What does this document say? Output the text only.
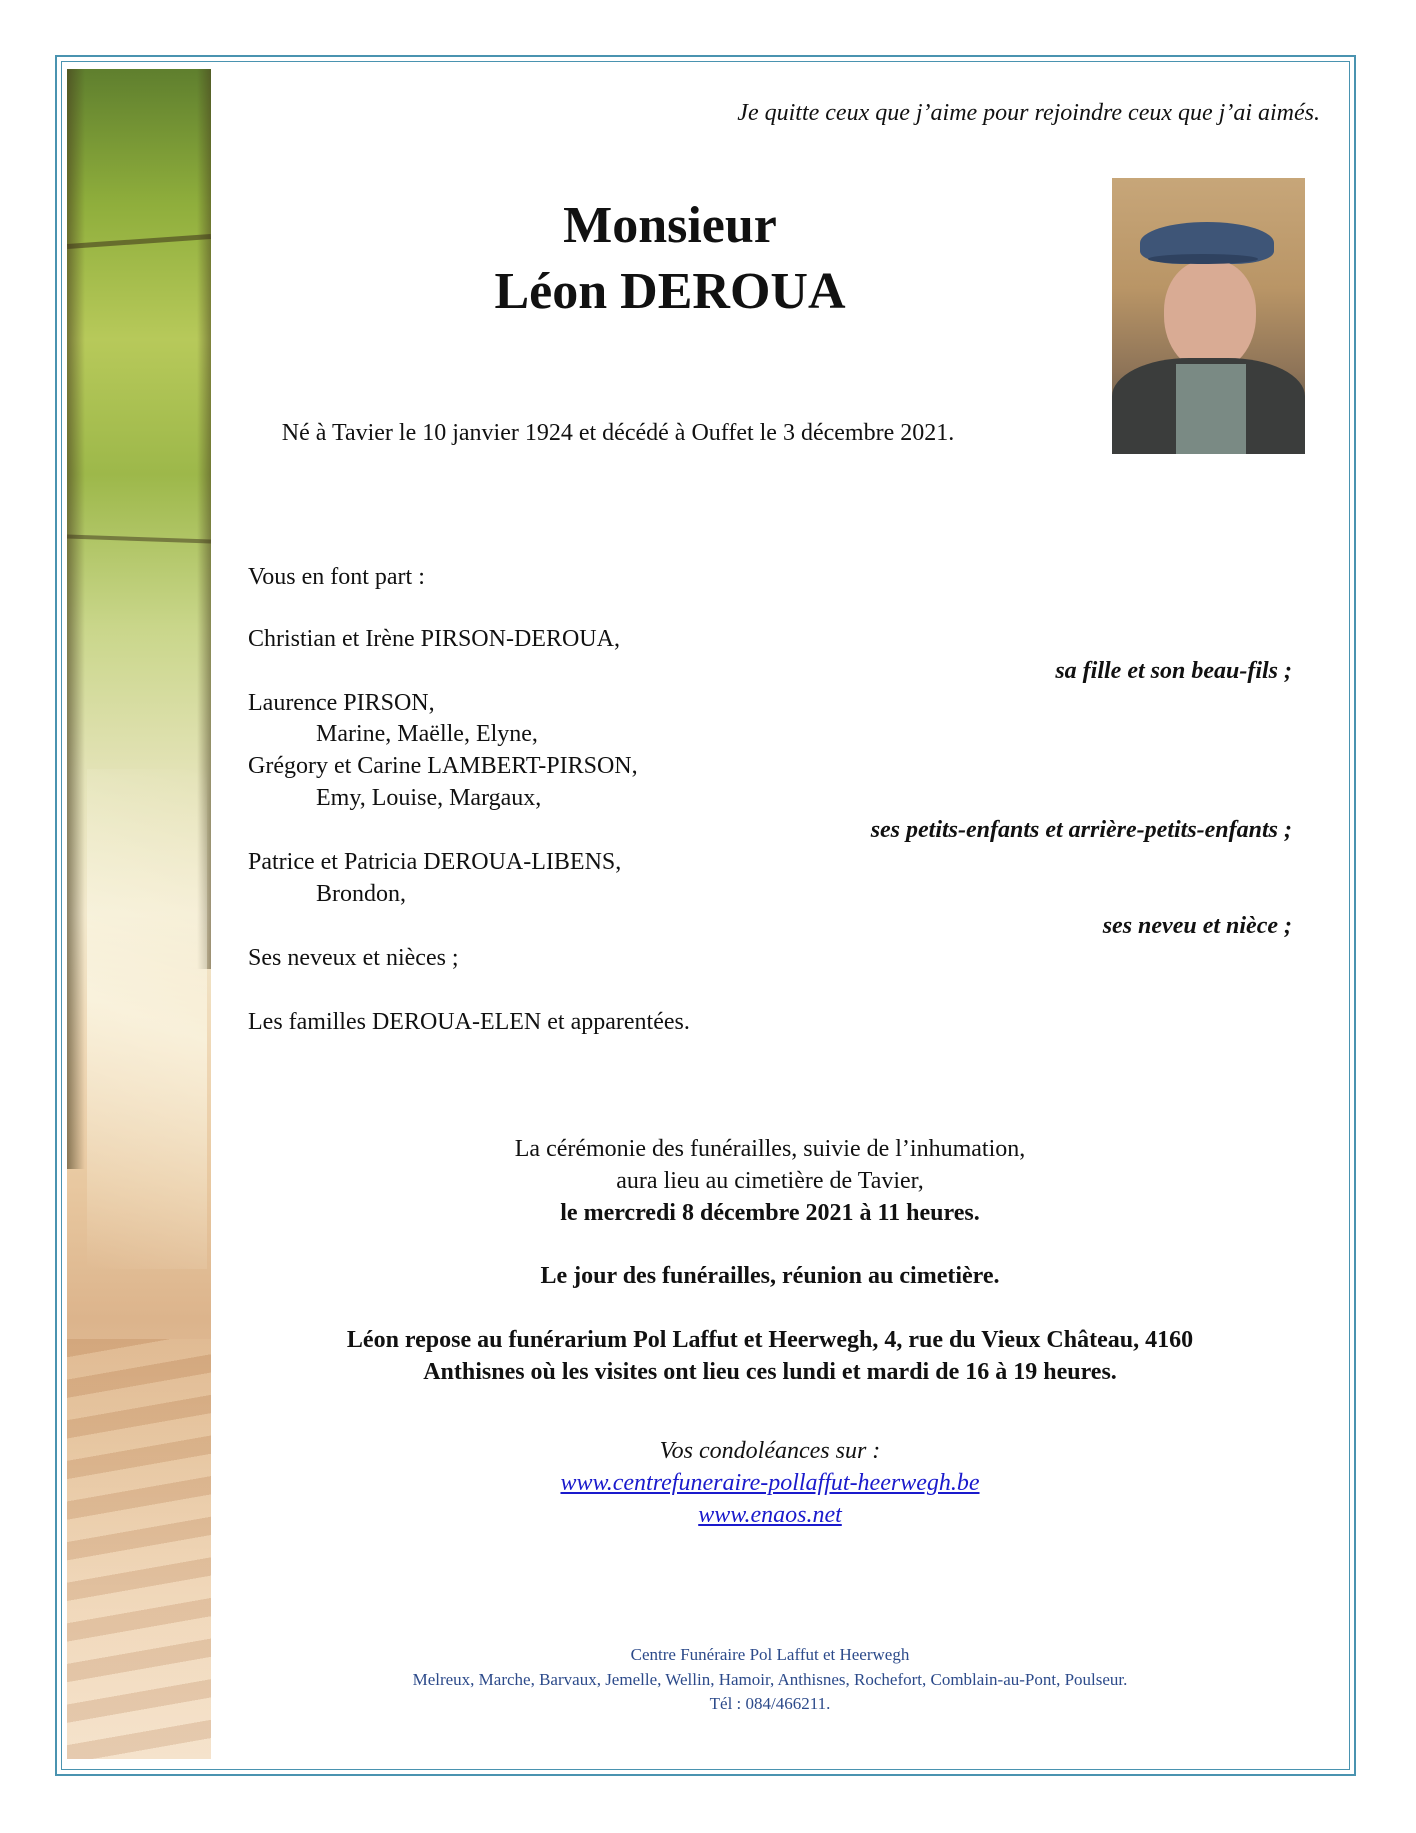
Je quitte ceux que j’aime pour rejoindre ceux que j’ai aimés.
Monsieur
Léon DEROUA
Né à Tavier le 10 janvier 1924 et décédé à Ouffet le 3 décembre 2021.
Vous en font part :
Christian et Irène PIRSON-DEROUA,
sa fille et son beau-fils ;
Laurence PIRSON,
Marine, Maëlle, Elyne,
Grégory et Carine LAMBERT-PIRSON,
Emy, Louise, Margaux,
ses petits-enfants et arrière-petits-enfants ;
Patrice et Patricia DEROUA-LIBENS,
Brondon,
ses neveu et nièce ;
Ses neveux et nièces ;
Les familles DEROUA-ELEN et apparentées.
La cérémonie des funérailles, suivie de l’inhumation,
aura lieu au cimetière de Tavier,
le mercredi 8 décembre 2021 à 11 heures.
Le jour des funérailles, réunion au cimetière.
Léon repose au funérarium Pol Laffut et Heerwegh, 4, rue du Vieux Château, 4160
Anthisnes où les visites ont lieu ces lundi et mardi de 16 à 19 heures.
Vos condoléances sur :
www.centrefuneraire-pollaffut-heerwegh.be
www.enaos.net
Centre Funéraire Pol Laffut et Heerwegh
Melreux, Marche, Barvaux, Jemelle, Wellin, Hamoir, Anthisnes, Rochefort, Comblain-au-Pont, Poulseur.
Tél : 084/466211.
